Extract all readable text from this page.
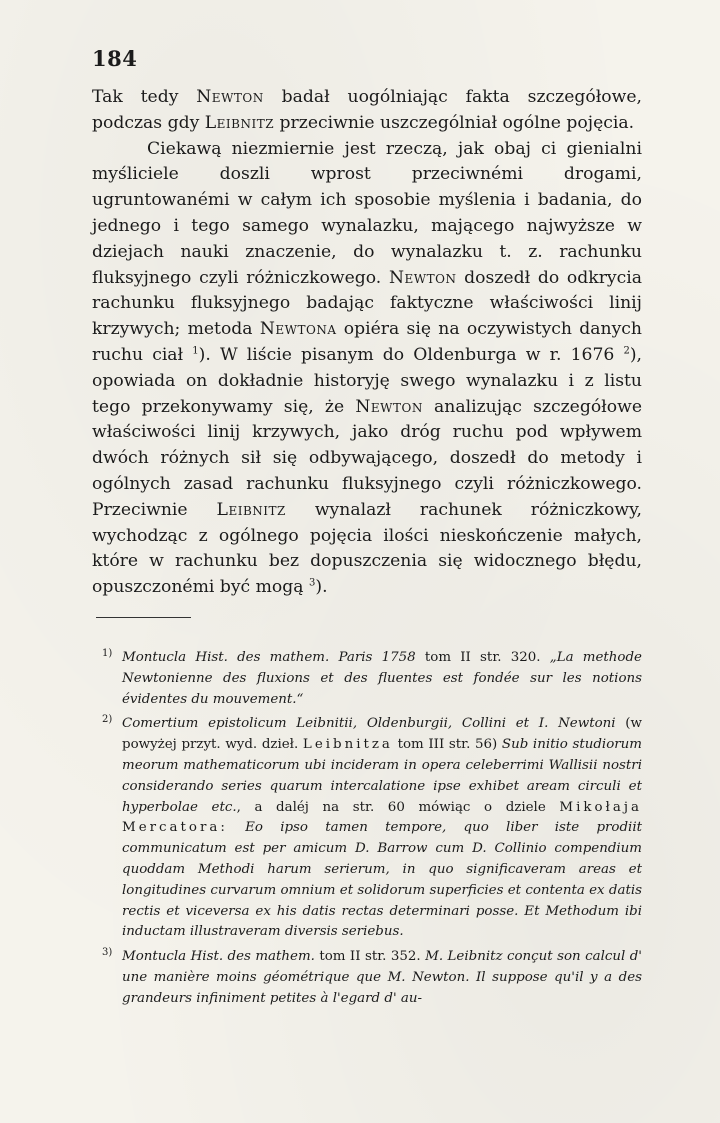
184

Tak tedy Newton badał uogólniając fakta szczegółowe, podczas gdy Leibnitz przeciwnie uszczególniał ogólne pojęcia.

Ciekawą niezmiernie jest rzeczą, jak obaj ci gienialni myśliciele doszli wprost przeciwnémi drogami, ugruntowanémi w całym ich sposobie myślenia i badania, do jednego i tego samego wynalazku, mającego najwyższe w dziejach nauki znaczenie, do wynalazku t. z. rachunku fluksyjnego czyli różniczkowego. Newton doszedł do odkrycia rachunku fluksyjnego badając faktyczne właściwości linij krzywych; metoda Newtona opiéra się na oczywistych danych ruchu ciał $^1$). W liście pisanym do Oldenburga w r. 1676 $^2$), opowiada on dokładnie historyję swego wynalazku i z listu tego przekonywamy się, że Newton analizując szczegółowe właściwości linij krzywych, jako dróg ruchu pod wpływem dwóch różnych sił się odbywającego, doszedł do metody i ogólnych zasad rachunku fluksyjnego czyli różniczkowego. Przeciwnie Leibnitz wynalazł rachunek różniczkowy, wychodząc z ogólnego pojęcia ilości nieskończenie małych, które w rachunku bez dopuszczenia się widocznego błędu, opuszczonémi być mogą $^3$).

1) Montucla Hist. des mathem. Paris 1758 tom II str. 320. „La methode Newtonienne des fluxions et des fluentes est fondée sur les notions évidentes du mouvement.“
2) Comertium epistolicum Leibnitii, Oldenburgii, Collini et I. Newtoni (w powyżej przyt. wyd. dzieł. Leibnitza tom III str. 56) Sub initio studiorum meorum mathematicorum ubi incideram in opera celeberrimi Wallisii nostri considerando series quarum intercalatione ipse exhibet aream circuli et hyperbolae etc., a daléj na str. 60 mówiąc o dziele Mikołaja Mercatora: Eo ipso tamen tempore, quo liber iste prodiit communicatum est per amicum D. Barrow cum D. Collinio compendium quoddam Methodi harum serierum, in quo significaveram areas et longitudines curvarum omnium et solidorum superficies et contenta ex datis rectis et viceversa ex his datis rectas determinari posse. Et Methodum ibi inductam illustraveram diversis seriebus.
3) Montucla Hist. des mathem. tom II str. 352. M. Leibnitz conçut son calcul d' une manière moins géométrique que M. Newton. Il suppose qu'il y a des grandeurs infiniment petites à l'egard d' au-
